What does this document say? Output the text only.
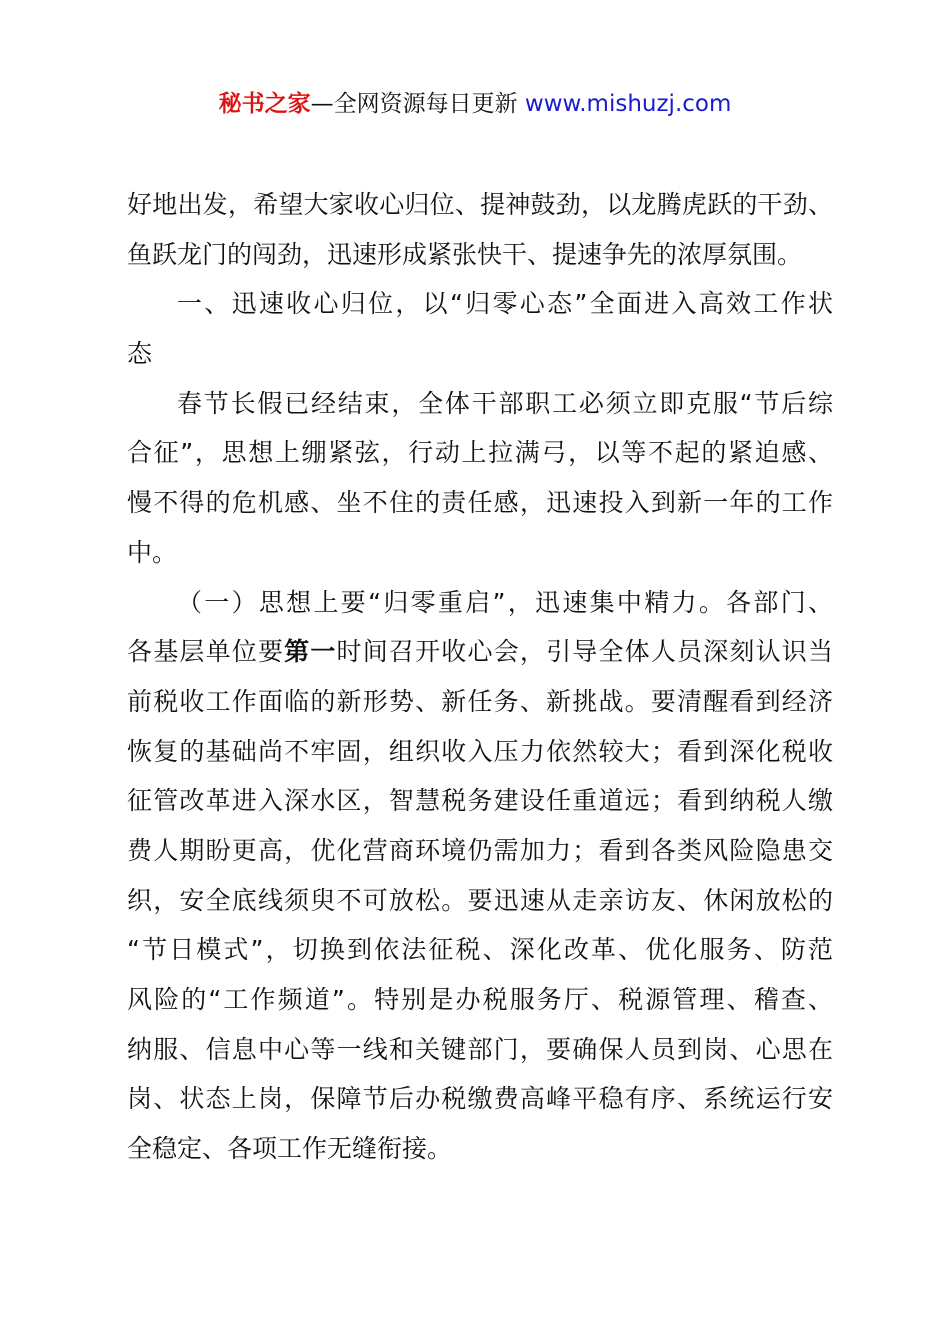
秘书之家—全网资源每日更新 www.mishuzj.com
好地出发，希望大家收心归位、提神鼓劲，以龙腾虎跃的干劲、
鱼跃龙门的闯劲，迅速形成紧张快干、提速争先的浓厚氛围。
一、迅速收心归位，以“归零心态”全面进入高效工作状
态
春节长假已经结束，全体干部职工必须立即克服“节后综
合征”，思想上绷紧弦，行动上拉满弓，以等不起的紧迫感、
慢不得的危机感、坐不住的责任感，迅速投入到新一年的工作
中。
（一）思想上要“归零重启”，迅速集中精力。各部门、
各基层单位要第一时间召开收心会，引导全体人员深刻认识当
前税收工作面临的新形势、新任务、新挑战。要清醒看到经济
恢复的基础尚不牢固，组织收入压力依然较大；看到深化税收
征管改革进入深水区，智慧税务建设任重道远；看到纳税人缴
费人期盼更高，优化营商环境仍需加力；看到各类风险隐患交
织，安全底线须臾不可放松。要迅速从走亲访友、休闲放松的
“节日模式”，切换到依法征税、深化改革、优化服务、防范
风险的“工作频道”。特别是办税服务厅、税源管理、稽查、
纳服、信息中心等一线和关键部门，要确保人员到岗、心思在
岗、状态上岗，保障节后办税缴费高峰平稳有序、系统运行安
全稳定、各项工作无缝衔接。
